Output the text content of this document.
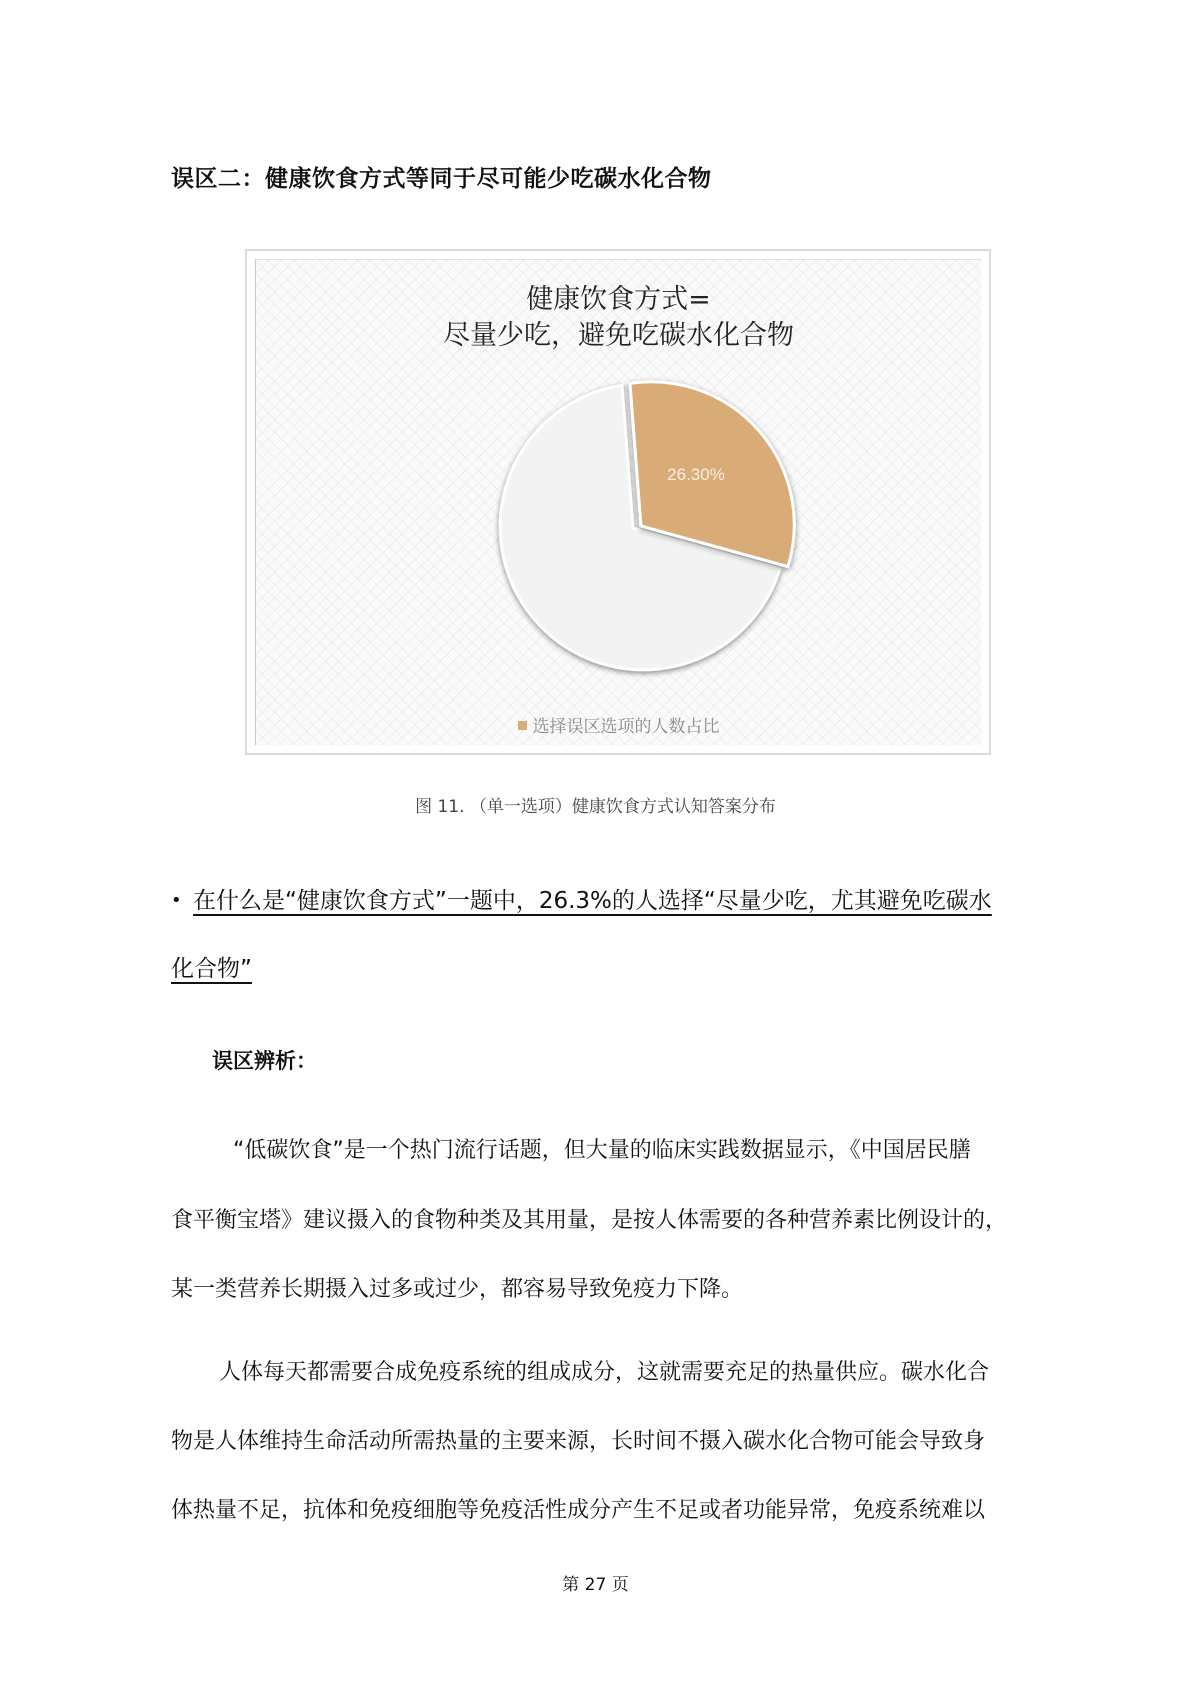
误区二：健康饮食方式等同于尽可能少吃碳水化合物
健康饮食方式=
尽量少吃，避免吃碳水化合物
26.30%
选择误区选项的人数占比
图 11. （单一选项）健康饮食方式认知答案分布
• 在什么是“健康饮食方式”一题中，26.3%的人选择“尽量少吃，尤其避免吃碳水
化合物”
误区辨析：
“低碳饮食”是一个热门流行话题，但大量的临床实践数据显示，《中国居民膳
食平衡宝塔》建议摄入的食物种类及其用量，是按人体需要的各种营养素比例设计的，
某一类营养长期摄入过多或过少，都容易导致免疫力下降。
人体每天都需要合成免疫系统的组成成分，这就需要充足的热量供应。碳水化合
物是人体维持生命活动所需热量的主要来源，长时间不摄入碳水化合物可能会导致身
体热量不足，抗体和免疫细胞等免疫活性成分产生不足或者功能异常，免疫系统难以
第 27 页
